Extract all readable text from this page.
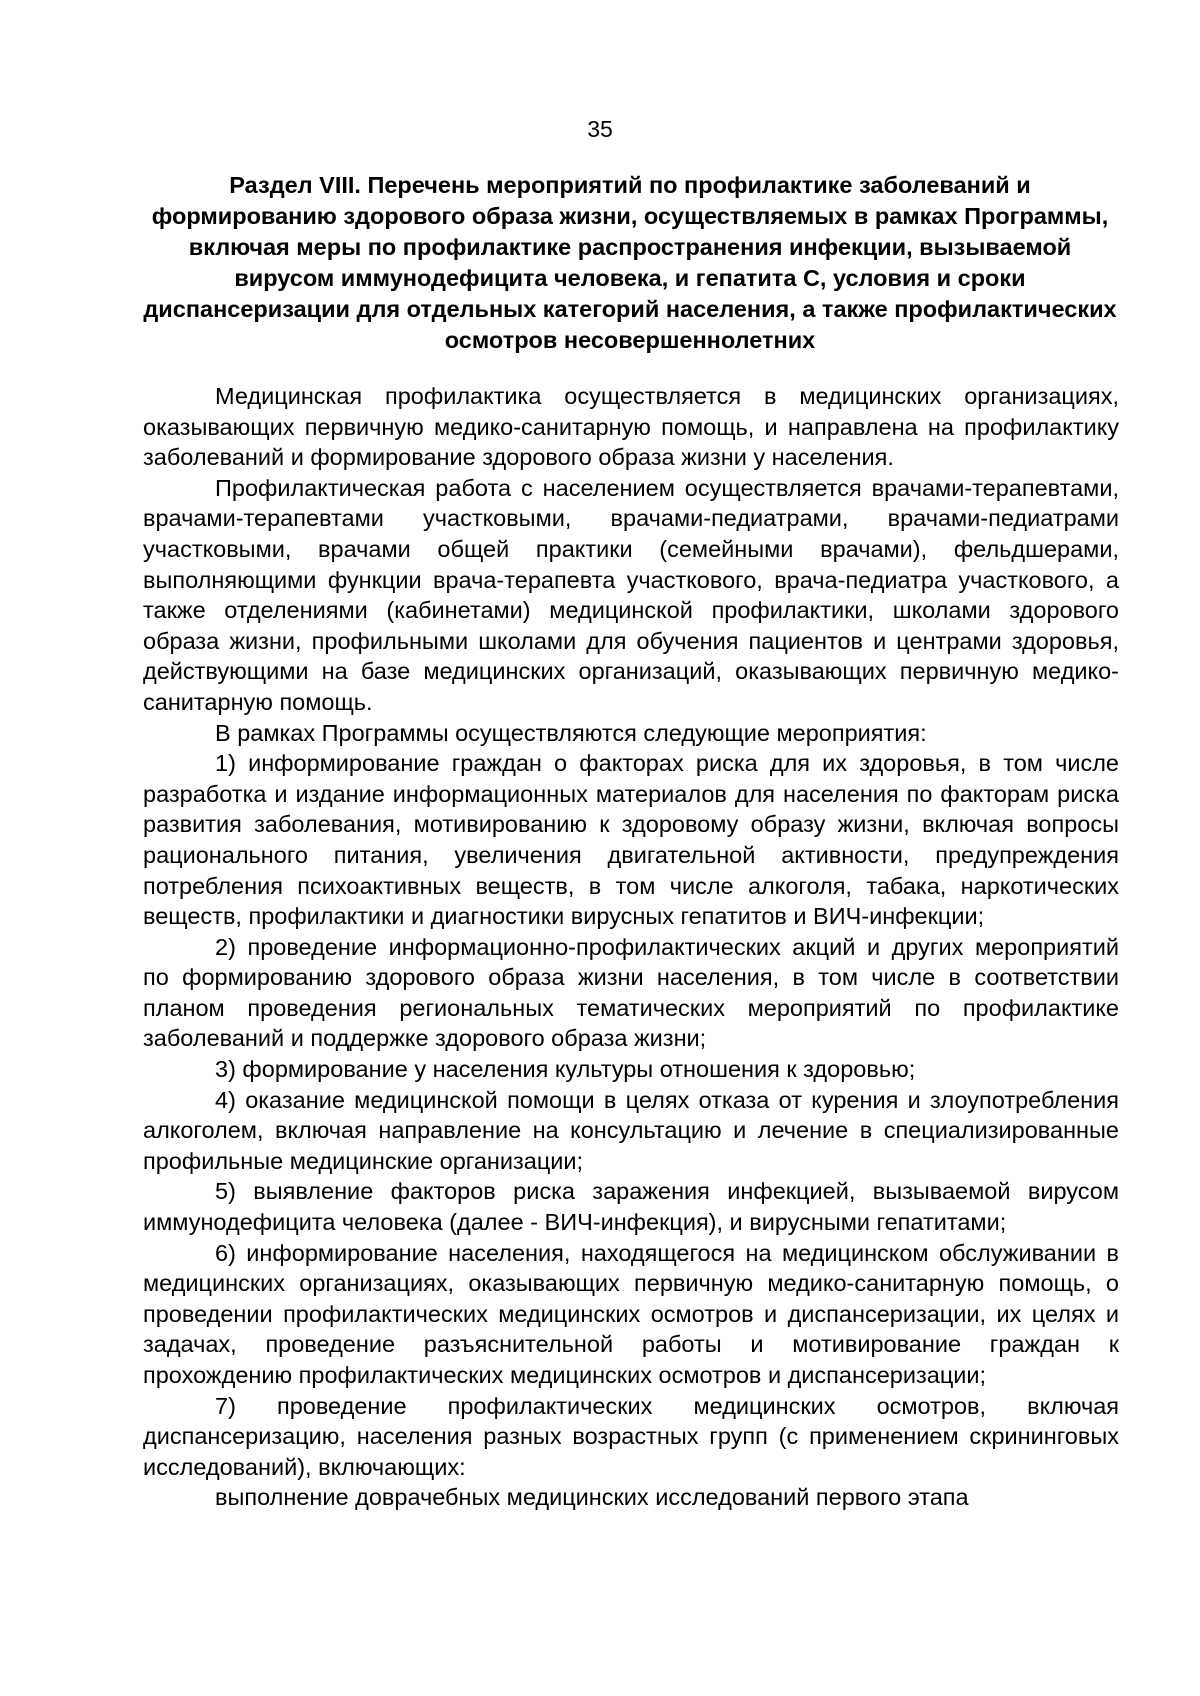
35
Раздел VIII. Перечень мероприятий по профилактике заболеваний и формированию здорового образа жизни, осуществляемых в рамках Программы, включая меры по профилактике распространения инфекции, вызываемой вирусом иммунодефицита человека, и гепатита С, условия и сроки диспансеризации для отдельных категорий населения, а также профилактических осмотров несовершеннолетних

Медицинская профилактика осуществляется в медицинских организациях, оказывающих первичную медико-санитарную помощь, и направлена на профилактику заболеваний и формирование здорового образа жизни у населения.

Профилактическая работа с населением осуществляется врачами-терапевтами, врачами-терапевтами участковыми, врачами-педиатрами, врачами-педиатрами участковыми, врачами общей практики (семейными врачами), фельдшерами, выполняющими функции врача-терапевта участкового, врача-педиатра участкового, а также отделениями (кабинетами) медицинской профилактики, школами здорового образа жизни, профильными школами для обучения пациентов и центрами здоровья, действующими на базе медицинских организаций, оказывающих первичную медико-санитарную помощь.

В рамках Программы осуществляются следующие мероприятия:

1) информирование граждан о факторах риска для их здоровья, в том числе разработка и издание информационных материалов для населения по факторам риска развития заболевания, мотивированию к здоровому образу жизни, включая вопросы рационального питания, увеличения двигательной активности, предупреждения потребления психоактивных веществ, в том числе алкоголя, табака, наркотических веществ, профилактики и диагностики вирусных гепатитов и ВИЧ-инфекции;

2) проведение информационно-профилактических акций и других мероприятий по формированию здорового образа жизни населения, в том числе в соответствии планом проведения региональных тематических мероприятий по профилактике заболеваний и поддержке здорового образа жизни;

3) формирование у населения культуры отношения к здоровью;

4) оказание медицинской помощи в целях отказа от курения и злоупотребления алкоголем, включая направление на консультацию и лечение в специализированные профильные медицинские организации;

5) выявление факторов риска заражения инфекцией, вызываемой вирусом иммунодефицита человека (далее - ВИЧ-инфекция), и вирусными гепатитами;

6) информирование населения, находящегося на медицинском обслуживании в медицинских организациях, оказывающих первичную медико-санитарную помощь, о проведении профилактических медицинских осмотров и диспансеризации, их целях и задачах, проведение разъяснительной работы и мотивирование граждан к прохождению профилактических медицинских осмотров и диспансеризации;

7) проведение профилактических медицинских осмотров, включая диспансеризацию, населения разных возрастных групп (с применением скрининговых исследований), включающих:

выполнение доврачебных медицинских исследований первого этапа
